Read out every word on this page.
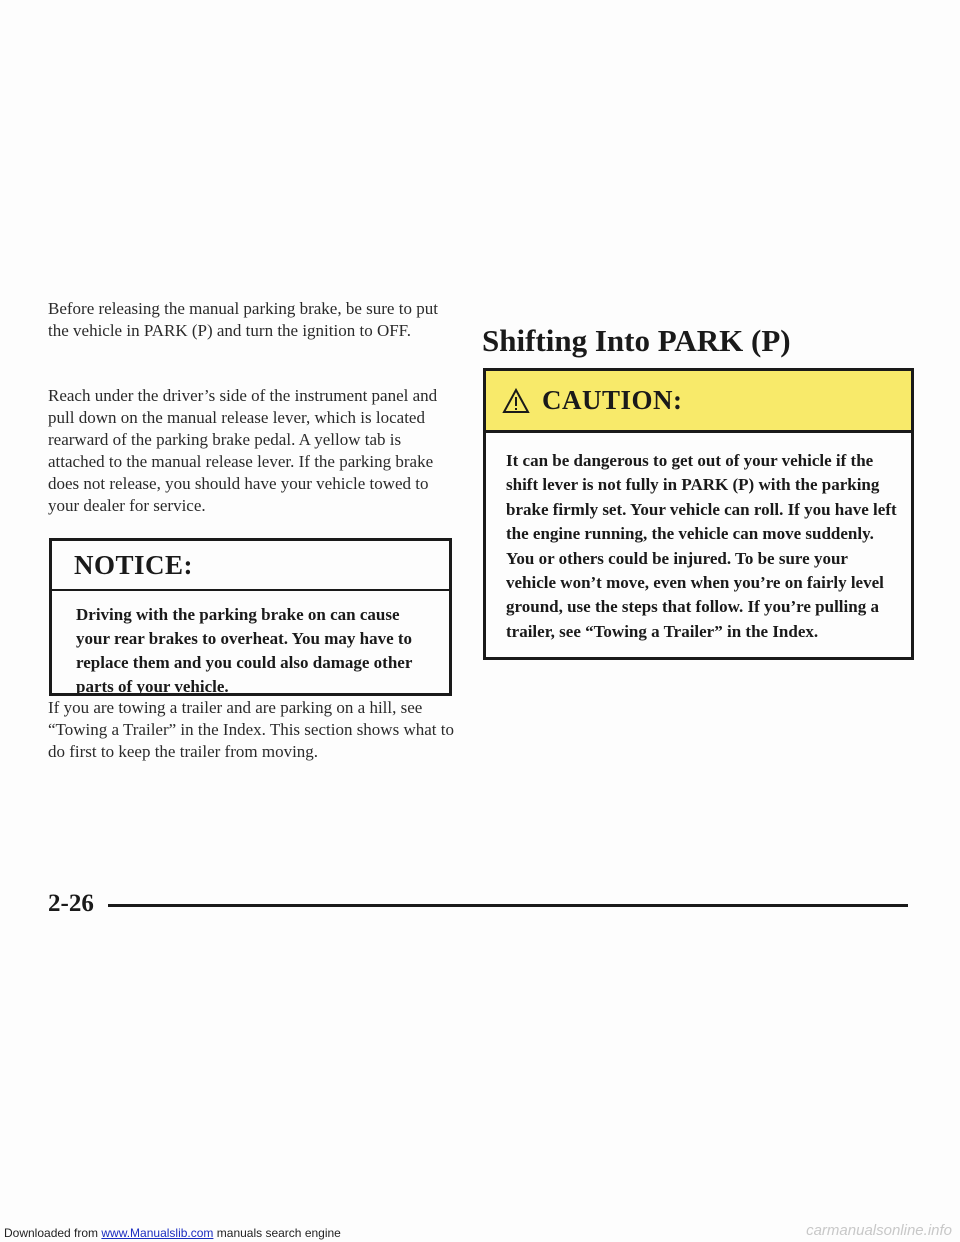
Before releasing the manual parking brake, be sure to put the vehicle in PARK (P) and turn the ignition to OFF.

Reach under the driver’s side of the instrument panel and pull down on the manual release lever, which is located rearward of the parking brake pedal. A yellow tab is attached to the manual release lever. If the parking brake does not release, you should have your vehicle towed to your dealer for service.

NOTICE:
Driving with the parking brake on can cause your rear brakes to overheat. You may have to replace them and you could also damage other parts of your vehicle.

If you are towing a trailer and are parking on a hill, see “Towing a Trailer” in the Index. This section shows what to do first to keep the trailer from moving.

Shifting Into PARK (P)
CAUTION:
It can be dangerous to get out of your vehicle if the shift lever is not fully in PARK (P) with the parking brake firmly set. Your vehicle can roll. If you have left the engine running, the vehicle can move suddenly. You or others could be injured. To be sure your vehicle won’t move, even when you’re on fairly level ground, use the steps that follow. If you’re pulling a trailer, see “Towing a Trailer” in the Index.
2-26
Downloaded from www.Manualslib.com manuals search engine	carmanualsonline.info
